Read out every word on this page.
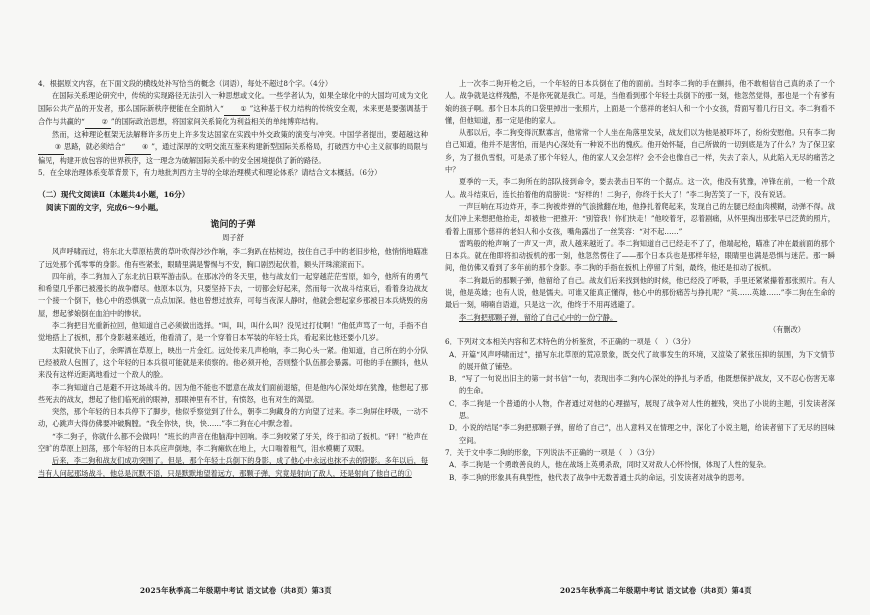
4．根据原文内容，在下面文段的横线处补写恰当的概念（词语），每处不超过8个字。（4分）

在国际关系理论研究中，传统的实现路径无法引入一种思想或文化。一些学者认为，如果全球化中的大国均可成为文化国际公共产品的开发者，那么国际新秩序便能在全面纳入“ ① ”这种基于权力结构的传统安全观，未来更是要强调基于合作与共赢的“ ② ”的国际政治思想，将国家间关系简化为利益相关的单纯博弈结构。

然而，这种理论框架无法解释许多历史上许多发达国家在实践中外交政策的演变与冲突。中国学者提出，要超越这种③ 思路，就必须结合“ ④ ”，通过深厚的文明交流互鉴来构建新型国际关系格局，打破西方中心主义叙事的局限与偏见，构建开放包容的世界秩序，这一理念为破解国际关系中的安全困境提供了新的路径。

5．在全球治理体系变革背景下，有力地批判西方主导的全球治理模式和理论体系？请结合文本概括。（6分）

（二）现代文阅读Ⅱ（本题共4小题，16分）

阅读下面的文字，完成6～9小题。

诡问的子弹

周子舒

风声呼啸而过，将东北大草原枯黄的草叶吹得沙沙作响，李二狗趴在枯树边，按住自己手中的老旧步枪，他悄悄地瞄准了远处那个孤零零的身影。他有些紧张，眼睛里满是警惕与不安，胸口剧烈起伏着，额头汗珠滚滚而下。

四年前，李二狗加入了东北抗日联军游击队。在那冰冷的冬天里，他与战友们一起穿越茫茫雪原，如今，他所有的勇气和希望几乎都已被漫长的战争磨尽。他原本以为，只要坚持下去，一切都会好起来，然而每一次战斗结束后，看着身边战友一个接一个倒下，他心中的恐惧就一点点加深。他也曾想过放弃，可每当夜深人静时，他就会想起家乡那被日本兵烧毁的房屋，想起爹娘倒在血泊中的惨状。

李二狗把目光重新拉回，他知道自己必须做出选择。“叫，叫，叫什么叫？没见过打仗啊！”他低声骂了一句，手指不自觉地搭上了扳机，那个身影越来越近，他看清了，是一个穿着日本军装的年轻士兵，看起来比他还要小几岁。

太阳就快下山了，余晖洒在草原上，映出一片金红。远处传来几声枪响，李二狗心头一紧。他知道，自己所在的小分队已经被敌人包围了，这个年轻的日本兵很可能就是来侦察的。他必须开枪，否则整个队伍都会暴露。可他的手在颤抖，他从来没有这样近距离地看过一个敌人的脸。

李二狗知道自己是避不开这场战斗的。因为他不能也不愿意在战友们面前退缩，但是他内心深处却在犹豫，他想起了那些死去的战友，想起了他们临死前的眼神，那眼神里有不甘，有愤怒，也有对生的渴望。

突然，那个年轻的日本兵停下了脚步，他似乎察觉到了什么，朝李二狗藏身的方向望了过来。李二狗屏住呼吸，一动不动，心跳声大得仿佛要冲破胸膛。“我全你快，快，快……”李二狗在心中默念着。

“李二狗子，你就什么都不会做吗！”班长的声音在他脑海中回响。李二狗咬紧了牙关，终于扣动了扳机。“砰！”枪声在空旷的草原上回荡，那个年轻的日本兵应声倒地，李二狗瘫软在地上，大口喘着粗气，泪水模糊了双眼。

后来，李二狗和战友们成功突围了。但是，那个年轻士兵倒下的身影，成了他心中永远也抹不去的阴影。多年以后，每当有人问起那场战斗，他总是沉默不语，只是默默地望着远方，那颗子弹，究竟是射向了敌人，还是射向了他自己的①

上一次李二狗开枪之后，一个年轻的日本兵倒在了他的面前。当时李二狗的手在颤抖，他不敢相信自己真的杀了一个人。战争就是这样残酷，不是你死就是我亡。可是，当他看到那个年轻士兵倒下的那一刻，他忽然觉得，那也是一个有爹有娘的孩子啊。那个日本兵的口袋里掉出一张照片，上面是一个慈祥的老妇人和一个小女孩，背面写着几行日文。李二狗看不懂，但他知道，那一定是他的家人。

从那以后，李二狗变得沉默寡言，他常常一个人坐在角落里发呆，战友们以为他是被吓坏了，纷纷安慰他。只有李二狗自己知道，他并不是害怕，而是内心深处有一种说不出的愧疚。他开始怀疑，自己所做的一切到底是为了什么？为了保卫家乡，为了报仇雪恨，可是杀了那个年轻人，他的家人又会怎样？会不会也像自己一样，失去了亲人，从此陷入无尽的痛苦之中？

夏季的一天，李二狗所在的部队接到命令，要去袭击日军的一个据点。这一次，他没有犹豫，冲锋在前，一枪一个敌人。战斗结束后，连长拍着他的肩膀说：“好样的！二狗子，你终于长大了！”李二狗苦笑了一下，没有说话。

一声巨响在耳边炸开，李二狗被炸弹的气浪掀翻在地，他挣扎着爬起来，发现自己的左腿已经血肉模糊，动弹不得。战友们冲上来想把他抬走，却被他一把推开：“别管我！你们快走！”他咬着牙，忍着剧痛，从怀里掏出那张早已泛黄的照片，看着上面那个慈祥的老妇人和小女孩，嘴角露出了一丝笑容：“对不起……”

雷鸣般的枪声响了一声又一声，敌人越来越近了。李二狗知道自己已经走不了了，他端起枪，瞄准了冲在最前面的那个日本兵。就在他即将扣动扳机的那一刻，他忽然愣住了——那个日本兵也是那样年轻，眼睛里也满是恐惧与迷茫。那一瞬间，他仿佛又看到了多年前的那个身影。李二狗的手指在扳机上停留了片刻，最终，他还是扣动了扳机。

李二狗最后的那颗子弹，他留给了自己。战友们后来找到他的时候，他已经没了呼吸，手里还紧紧攥着那张照片。有人说，他是英雄；也有人说，他是懦夫。可谁又能真正懂得，他心中的那份痛苦与挣扎呢？“英……英雄……”李二狗在生命的最后一刻，喃喃自语道，只是这一次，他终于不用再逃避了。

李二狗把那颗子弹，留给了自己心中的一份宁静。

（有删改）

6．下列对文本相关内容和艺术特色的分析鉴赏，不正确的一项是（　）（3分）

A．开篇“风声呼啸而过”，描写东北草原的荒凉景象，既交代了故事发生的环境，又渲染了紧张压抑的氛围，为下文情节的展开做了铺垫。

B．“写了一句说出旧主的第一封书信”一句，表现出李二狗内心深处的挣扎与矛盾，他既想保护战友，又不忍心伤害无辜的生命。

C．李二狗是一个普通的小人物，作者通过对他的心理描写，展现了战争对人性的摧残，突出了小说的主题，引发读者深思。

D．小说的结尾“李二狗把那颗子弹，留给了自己”，出人意料又在情理之中，深化了小说主题，给读者留下了无尽的回味空间。

7．关于文中李二狗的形象，下列说法不正确的一项是（　）（3分）

A．李二狗是一个勇敢善良的人，他在战场上英勇杀敌，同时又对敌人心怀怜悯，体现了人性的复杂。

B．李二狗的形象具有典型性，他代表了战争中无数普通士兵的命运，引发读者对战争的思考。

2025年秋季高二年级期中考试 语文试卷（共8页）第3页	2025年秋季高二年级期中考试 语文试卷（共8页）第4页
